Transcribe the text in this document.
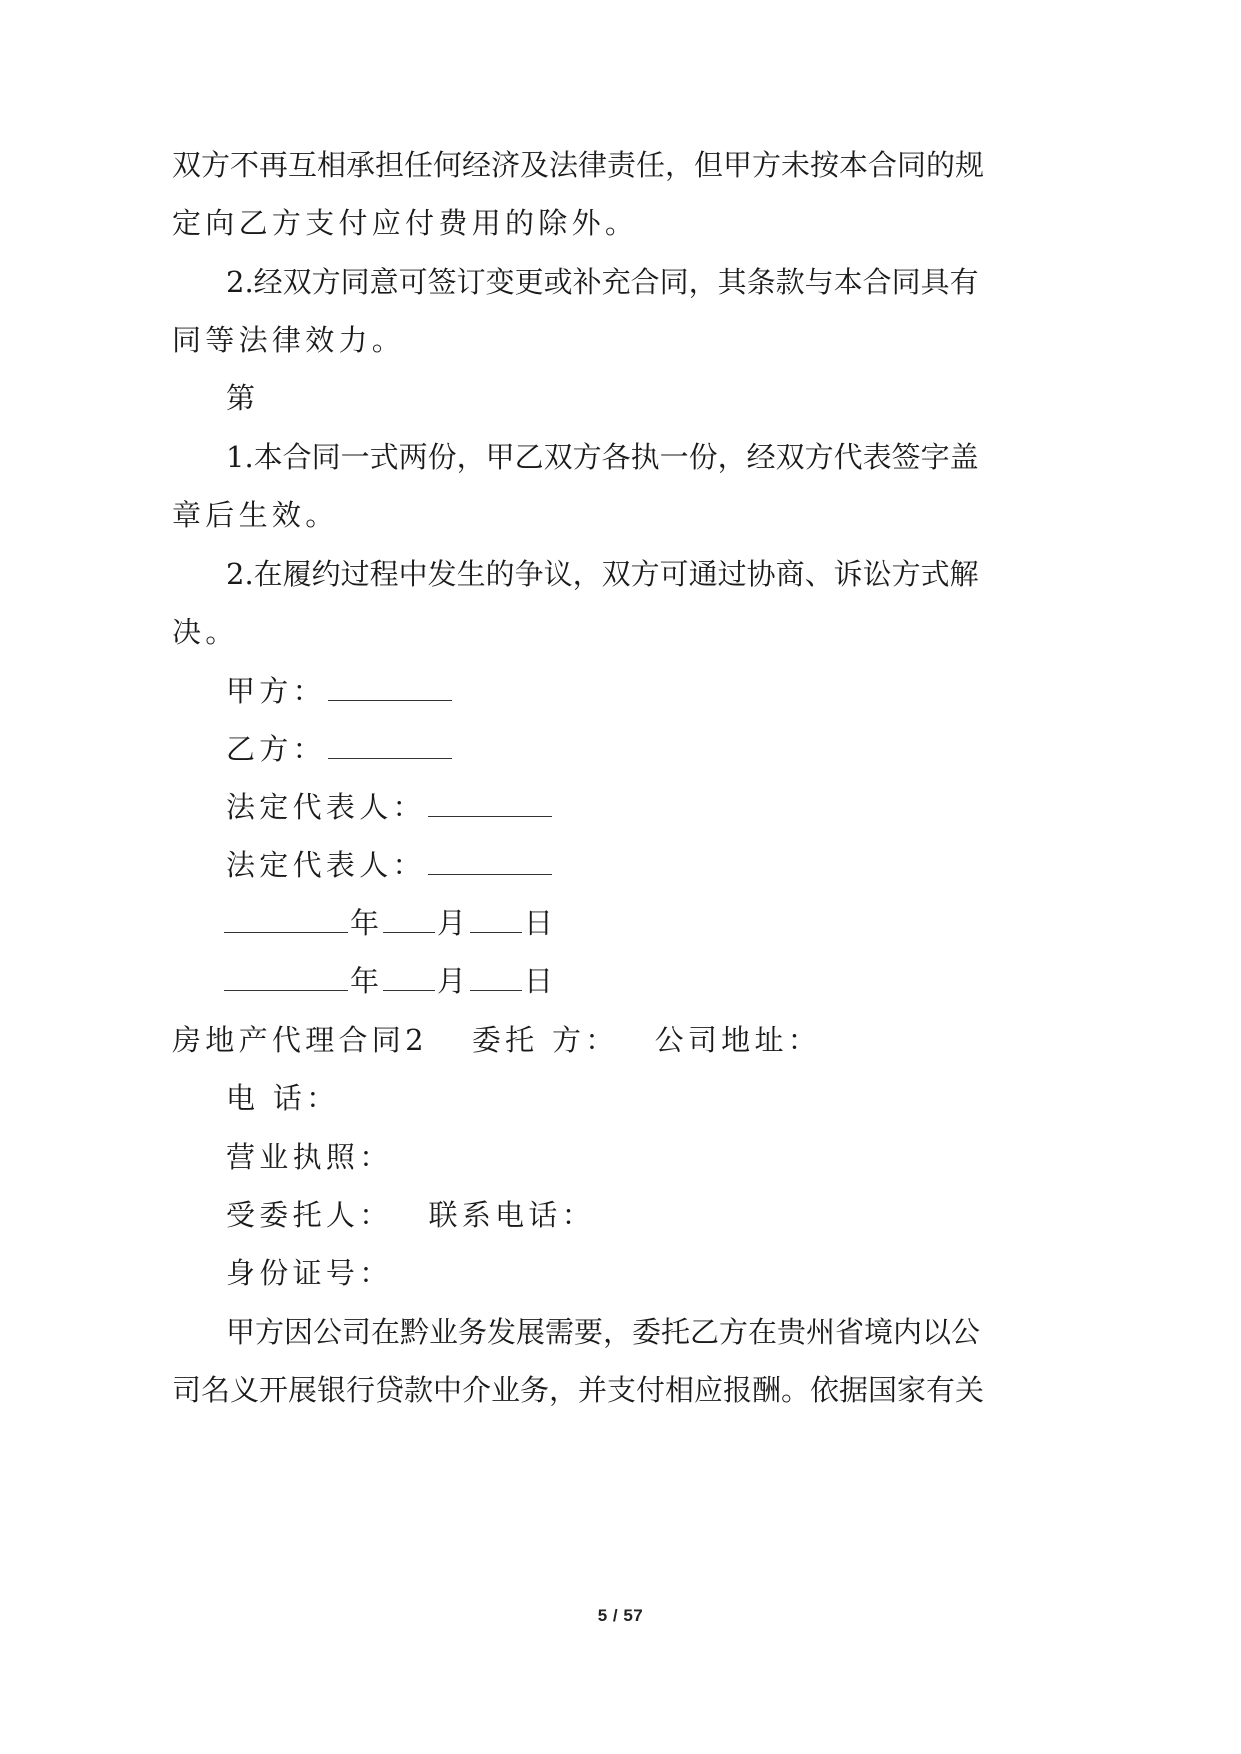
双方不再互相承担任何经济及法律责任，但甲方未按本合同的规
定向乙方支付应付费用的除外。
2.经双方同意可签订变更或补充合同，其条款与本合同具有
同等法律效力。
第
1.本合同一式两份，甲乙双方各执一份，经双方代表签字盖
章后生效。
2.在履约过程中发生的争议，双方可通过协商、诉讼方式解
决。
甲方：
乙方：
法定代表人：
法定代表人：
年 月 日
年 月 日
房地产代理合同2 委托 方： 公司地址：
电 话：
营业执照：
受委托人： 联系电话：
身份证号：
甲方因公司在黔业务发展需要，委托乙方在贵州省境内以公
司名义开展银行贷款中介业务，并支付相应报酬。依据国家有关
5 / 57
